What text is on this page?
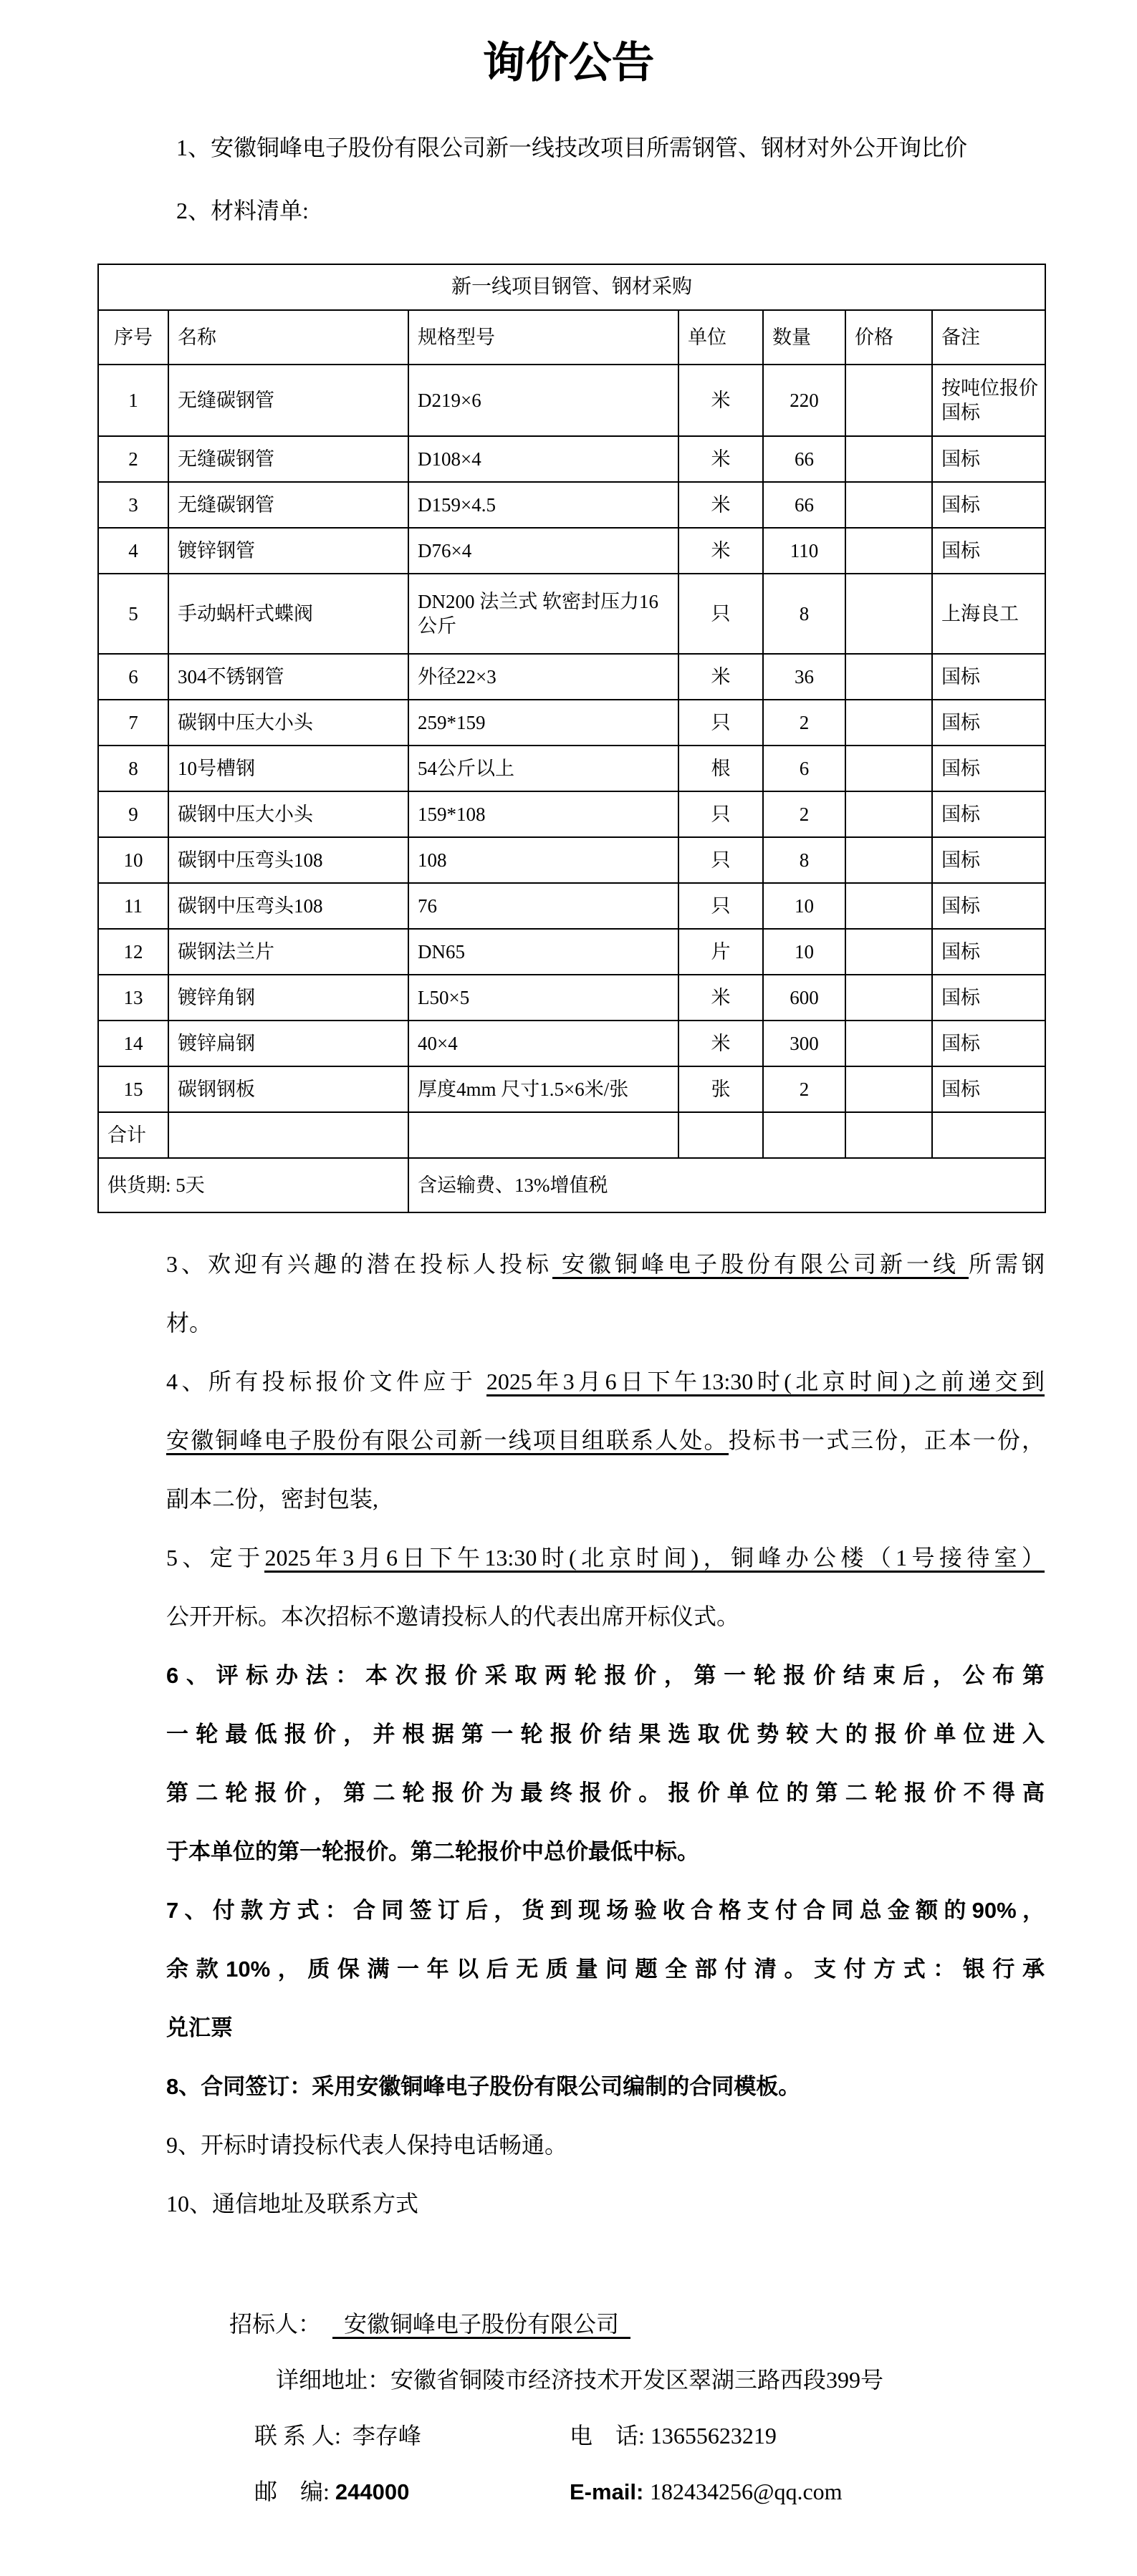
询价公告

1、安徽铜峰电子股份有限公司新一线技改项目所需钢管、钢材对外公开询比价

2、材料清单:

新一线项目钢管、钢材采购						
序号	名称	规格型号	单位	数量	价格	备注
1	无缝碳钢管	D219×6	米	220		按吨位报价国标
2	无缝碳钢管	D108×4	米	66		国标
3	无缝碳钢管	D159×4.5	米	66		国标
4	镀锌钢管	D76×4	米	110		国标
5	手动蜗杆式蝶阀	DN200 法兰式 软密封压力16公斤	只	8		上海良工
6	304不锈钢管	外径22×3	米	36		国标
7	碳钢中压大小头	259*159	只	2		国标
8	10号槽钢	54公斤以上	根	6		国标
9	碳钢中压大小头	159*108	只	2		国标
10	碳钢中压弯头108	108	只	8		国标
11	碳钢中压弯头108	76	只	10		国标
12	碳钢法兰片	DN65	片	10		国标
13	镀锌角钢	L50×5	米	600		国标
14	镀锌扁钢	40×4	米	300		国标
15	碳钢钢板	厚度4mm 尺寸1.5×6米/张	张	2		国标
合计						
供货期: 5天		含运输费、13%增值税				
3、欢迎有兴趣的潜在投标人投标 安徽铜峰电子股份有限公司新一线 所需钢
材。
4、所有投标报价文件应于 2025年3月6日下午13:30时(北京时间)之前递交到
安徽铜峰电子股份有限公司新一线项目组联系人处。投标书一式三份，正本一份，
副本二份，密封包装,
5、定于2025年3月6日下午13:30时(北京时间)，铜峰办公楼（1号接待室）
公开开标。本次招标不邀请投标人的代表出席开标仪式。
6、评标办法：本次报价采取两轮报价，第一轮报价结束后，公布第
一轮最低报价，并根据第一轮报价结果选取优势较大的报价单位进入
第二轮报价，第二轮报价为最终报价。报价单位的第二轮报价不得高
于本单位的第一轮报价。第二轮报价中总价最低中标。
7、付款方式：合同签订后，货到现场验收合格支付合同总金额的90%，
余款10%，质保满一年以后无质量问题全部付清。支付方式：银行承
兑汇票
8、合同签订：采用安徽铜峰电子股份有限公司编制的合同模板。
9、开标时请投标代表人保持电话畅通。
10、通信地址及联系方式

招标人：    安徽铜峰电子股份有限公司

详细地址：安徽省铜陵市经济技术开发区翠湖三路西段399号

联 系 人:  李存峰	电    话: 13655623219

邮    编: 244000	E-mail: 182434256@qq.com
